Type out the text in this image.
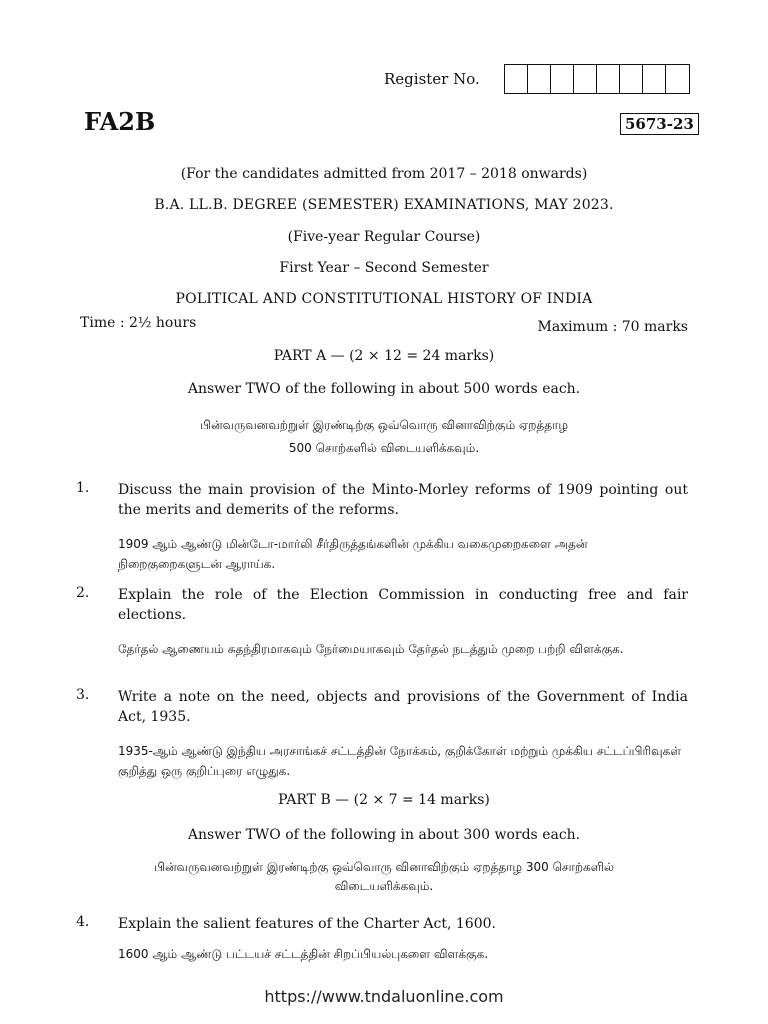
Register No.
FA2B	5673-23
(For the candidates admitted from 2017 – 2018 onwards)
B.A. LL.B. DEGREE (SEMESTER) EXAMINATIONS, MAY 2023.
(Five-year Regular Course)
First Year – Second Semester
POLITICAL AND CONSTITUTIONAL HISTORY OF INDIA
Time : 2½ hours	Maximum : 70 marks
PART A — (2 × 12 = 24 marks)
Answer TWO of the following in about 500 words each.
பின்வருவனவற்றுள் இரண்டிற்கு ஒவ்வொரு வினாவிற்கும் ஏறத்தாழ
500 சொற்களில் விடையளிக்கவும்.
1. Discuss the main provision of the Minto-Morley reforms of 1909 pointing out the merits and demerits of the reforms.
1909 ஆம் ஆண்டு மின்டோ-மார்லி சீர்திருத்தங்களின் முக்கிய வகைமுறைகளை அதன் நிறைகுறைகளுடன் ஆராய்க.
2. Explain the role of the Election Commission in conducting free and fair elections.
தேர்தல் ஆணையம் சுதந்திரமாகவும் நேர்மையாகவும் தேர்தல் நடத்தும் முறை பற்றி விளக்குக.
3. Write a note on the need, objects and provisions of the Government of India Act, 1935.
1935-ஆம் ஆண்டு இந்திய அரசாங்கச் சட்டத்தின் நோக்கம், குறிக்கோள் மற்றும் முக்கிய சட்டப்பிரிவுகள் குறித்து ஒரு குறிப்புரை எழுதுக.
PART B — (2 × 7 = 14 marks)
Answer TWO of the following in about 300 words each.
பின்வருவனவற்றுள் இரண்டிற்கு ஒவ்வொரு வினாவிற்கும் ஏறத்தாழ 300 சொற்களில்
விடையளிக்கவும்.
4. Explain the salient features of the Charter Act, 1600.
1600 ஆம் ஆண்டு பட்டயச் சட்டத்தின் சிறப்பியல்புகளை விளக்குக.
https://www.tndaluonline.com
